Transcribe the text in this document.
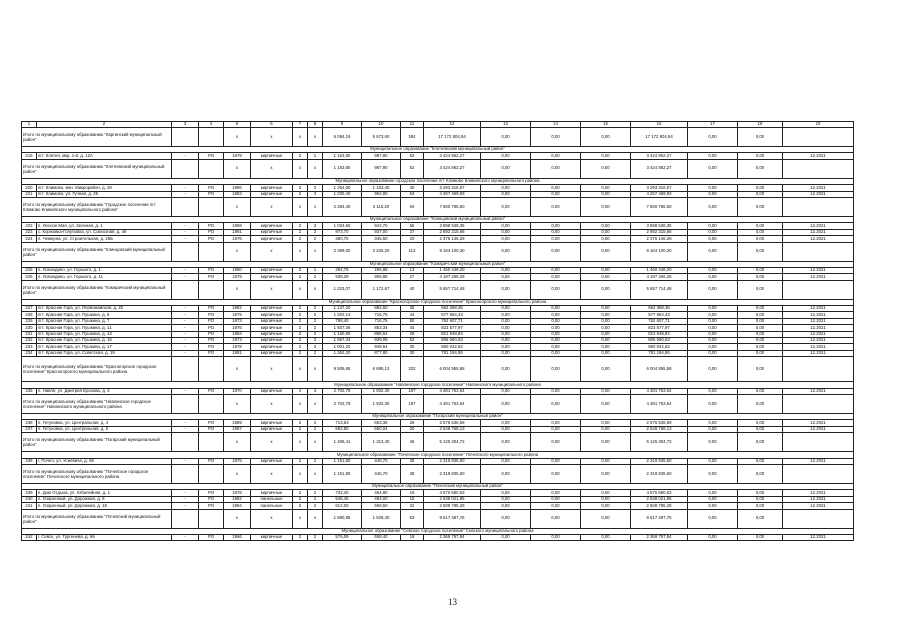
1	2	3	4	5	6	7	8	9	10	11	12	13	14	15	16	17	18	19
Итого по муниципальному образованию "Каргинский муниципальный район"				x	x	x	x	6 094,19	5 573,60	384	17 172 804,94	0,00	0,00	0,00	17 172 804,94	0,00	0,00	
Муниципальное образование "Клетнянский муниципальный район"																		
219	пгт. Клетня, мкр. 1-й, д. 12А	-	РО	1978	кирпичные	2	1	1 163,80	987,90	52	3 424 862,27	0,00	0,00	0,00	3 424 862,27	0,00	0,00	12.2021
Итого по муниципальному образованию "Клетнянский муниципальный район"				x	x	x	x	1 163,80	987,90	52	3 424 862,27	0,00	0,00	0,00	3 424 862,27	0,00	0,00	
Муниципальное образование городское поселение пгт Климово Климовского муниципального района																		
220	пгт. Климово, мкн. Микрорайон, д. 28	-	РО	1986	кирпичные	3	3	1 254,00	1 153,40	40	3 293 316,57	0,00	0,00	0,00	3 293 316,57	0,00	0,00	12.2021
221	пгт. Климово, ул. Гучная, д. 25	-	РО	1983	кирпичные	2	3	1 030,40	962,80	54	4 267 469,93	0,00	0,00	0,00	4 267 469,93	0,00	0,00	12.2021
Итого по муниципальному образованию "Городское поселение пгт Климово Климовского муниципального района"				x	x	x	x	2 284,40	2 116,20	94	7 560 786,50	0,00	0,00	0,00	7 560 786,50	0,00	0,00	
Муниципальное образование "Клинцовский муниципальный район"																		
222	п. Лесное Мая, ул. Зеленая, д. 1	-	РО	1968	кирпичные	2	3	1 034,60	942,70	56	3 898 538,35	0,00	0,00	0,00	3 898 538,35	0,00	0,00	12.2021
223	с. Коржовка-Голубовка, ул. Совхозная, д. 46	-	РО	1991	кирпичные	2	2	973,70	937,00	37	2 892 315,66	0,00	0,00	0,00	2 892 315,66	0,00	0,00	12.2021
224	п. Чемерна, ул. Строительная, д. 25Б	-	РО	1976	кирпичные	2	2	380,70	345,50	20	2 375 146,29	0,00	0,00	0,00	2 375 146,29	0,00	0,00	12.2021
Итого по муниципальному образованию "Клинцовский муниципальный район"				x	x	x	x	2 389,00	2 225,20	113	9 164 100,30	0,00	0,00	0,00	9 164 100,30	0,00	0,00	
Муниципальное образование "Комаричский муниципальный район"																		
225	п. Лопандино, ул. Горького, д. 1	-	РО	1980	кирпичные	2	1	284,76	266,88	13	1 460 448,20	0,00	0,00	0,00	1 460 448,20	0,00	0,00	12.2021
226	п. Лопандино, ул. Горького, д. 11	-	РО	1979	кирпичные	2	2	938,29	905,88	27	4 197 266,28	0,00	0,00	0,00	4 197 266,28	0,00	0,00	12.2021
Итого по муниципальному образованию "Комаричский муниципальный район"				x	x	x	x	1 223,07	1 172,67	40	5 657 714,48	0,00	0,00	0,00	5 657 714,48	0,00	0,00	
Муниципальное образование "Красногорское городское поселение" Красногорского муниципального района																		
227	пгт. Красная Гора, ул. Первомайская, д. 20	-	РО	1982	кирпичные	2	2	1 137,20	882,60	35	662 368,36	0,00	0,00	0,00	662 368,36	0,00	0,00	12.2021
228	пгт. Красная Гора, ул. Пушкина, д. 6	-	РО	1975	кирпичные	2	2	1 202,14	716,75	44	577 654,43	0,00	0,00	0,00	577 654,43	0,00	0,00	12.2021
229	пгт. Красная Гора, ул. Пушкина, д. 7	-	РО	1973	кирпичные	2	2	798,40	716,75	50	762 607,71	0,00	0,00	0,00	762 607,71	0,00	0,00	12.2021
230	пгт. Красная Гора, ул. Пушкина, д. 11	-	РО	1976	кирпичные	2	2	1 507,36	853,34	44	823 577,97	0,00	0,00	0,00	823 577,97	0,00	0,00	12.2021
231	пгт. Красная Гора, ул. Пушкина, д. 13	-	РО	1984	кирпичные	2	3	1 160,80	868,64	29	821 948,84	0,00	0,00	0,00	821 948,84	0,00	0,00	12.2021
232	пгт. Красная Гора, ул. Пушкина, д. 15	-	РО	1973	кирпичные	2	3	1 597,34	939,09	52	805 560,63	0,00	0,00	0,00	805 560,63	0,00	0,00	12.2021
233	пгт. Красная Гора, ул. Пушкина, д. 17	-	РО	1978	кирпичные	2	3	1 001,20	948,64	30	860 042,62	0,00	0,00	0,00	860 042,62	0,00	0,00	12.2021
234	пгт. Красная Гора, ул. Советская, д. 19	-	РО	1981	кирпичные	2	2	1 362,20	877,80	30	781 194,86	0,00	0,00	0,00	781 194,86	0,00	0,00	12.2021
Итого по муниципальному образованию "Красногорское городское поселение" Красногорского муниципального района				x	x	x	x	9 506,86	6 695,13	322	6 004 955,58	0,00	0,00	0,00	6 004 955,58	0,00	0,00	
Муниципальное образование "Навлинское городское поселение" Навлинского муниципального района																		
235	п. Навля, ул. Дмитрия Ерохова, д. 3	-	РО	1970	кирпичные	4	3	2 702,78	1 932,30	187	4 481 753,64	0,00	0,00	0,00	4 481 753,64	0,00	0,00	12.2021
Итого по муниципальному образованию "Навлинское городское поселение" Навлинского муниципального района				x	x	x	x	2 702,78	1 932,30	187	4 481 753,64	0,00	0,00	0,00	4 481 753,64	0,00	0,00	
Муниципальное образование "Погарский муниципальный район"																		
236	п. Гетуновка, ул. Центральная, д. 4	-	РО	1989	кирпичные	2	2	713,63	653,36	26	2 576 536,59	0,00	0,00	0,00	2 576 536,59	0,00	0,00	12.2021
237	п. Гетуновка, ул. Центральная, д. 5	-	РО	1987	кирпичные	2	2	692,80	660,04	20	2 548 768,13	0,00	0,00	0,00	2 548 768,13	0,00	0,00	12.2021
Итого по муниципальному образованию "Погарский муниципальный район"				x	x	x	x	1 406,41	1 313,40	46	5 125 304,72	0,00	0,00	0,00	5 125 304,72	0,00	0,00	
Муниципальное образование "Почепское городское поселение" Почепского муниципального района																		
238	г. Почеп, ул. Усиевича, д. 65	-	РО	1975	кирпичные	2	2	1 151,80	446,70	38	2 319 835,60	0,00	0,00	0,00	2 319 835,60	0,00	0,00	12.2021
Итого по муниципальному образованию "Почепское городское поселение" Почепского муниципального района				x	x	x	x	1 151,80	446,70	38	2 319 835,60	0,00	0,00	0,00	2 319 835,60	0,00	0,00	
Муниципальное образование "Почепский муниципальный район"																		
239	п. Дом Отдыха, ул. Юбилейная, д. 1	-	РО	1978	кирпичные	2	2	732,40	464,90	16	4 570 680,63	0,00	0,00	0,00	4 570 680,63	0,00	0,00	12.2021
240	п. Озаренный, ул. Дорожная, д. 8	-	РО	1982	панельные	2	2	546,45	494,00	15	2 538 021,85	0,00	0,00	0,00	2 538 021,85	0,00	0,00	12.2021
241	п. Озаренный, ул. Дорожная, д. 18	-	РО	1984	панельные	2	2	612,00	569,50	32	2 508 785,28	0,00	0,00	0,00	2 508 785,28	0,00	0,00	12.2021
Итого по муниципальному образованию "Почепский муниципальный район"				x	x	x	x	1 890,85	1 528,40	63	9 617 487,76	0,00	0,00	0,00	9 617 487,76	0,00	0,00	
Муниципальное образование "Севское городское поселение" Севского муниципального района																		
242	г. Севск, ул. Тургенева, д. 66	-	РО	1966	кирпичные	2	2	576,09	558,40	16	2 369 757,84	0,00	0,00	0,00	2 369 757,84	0,00	0,00	12.2021
13
